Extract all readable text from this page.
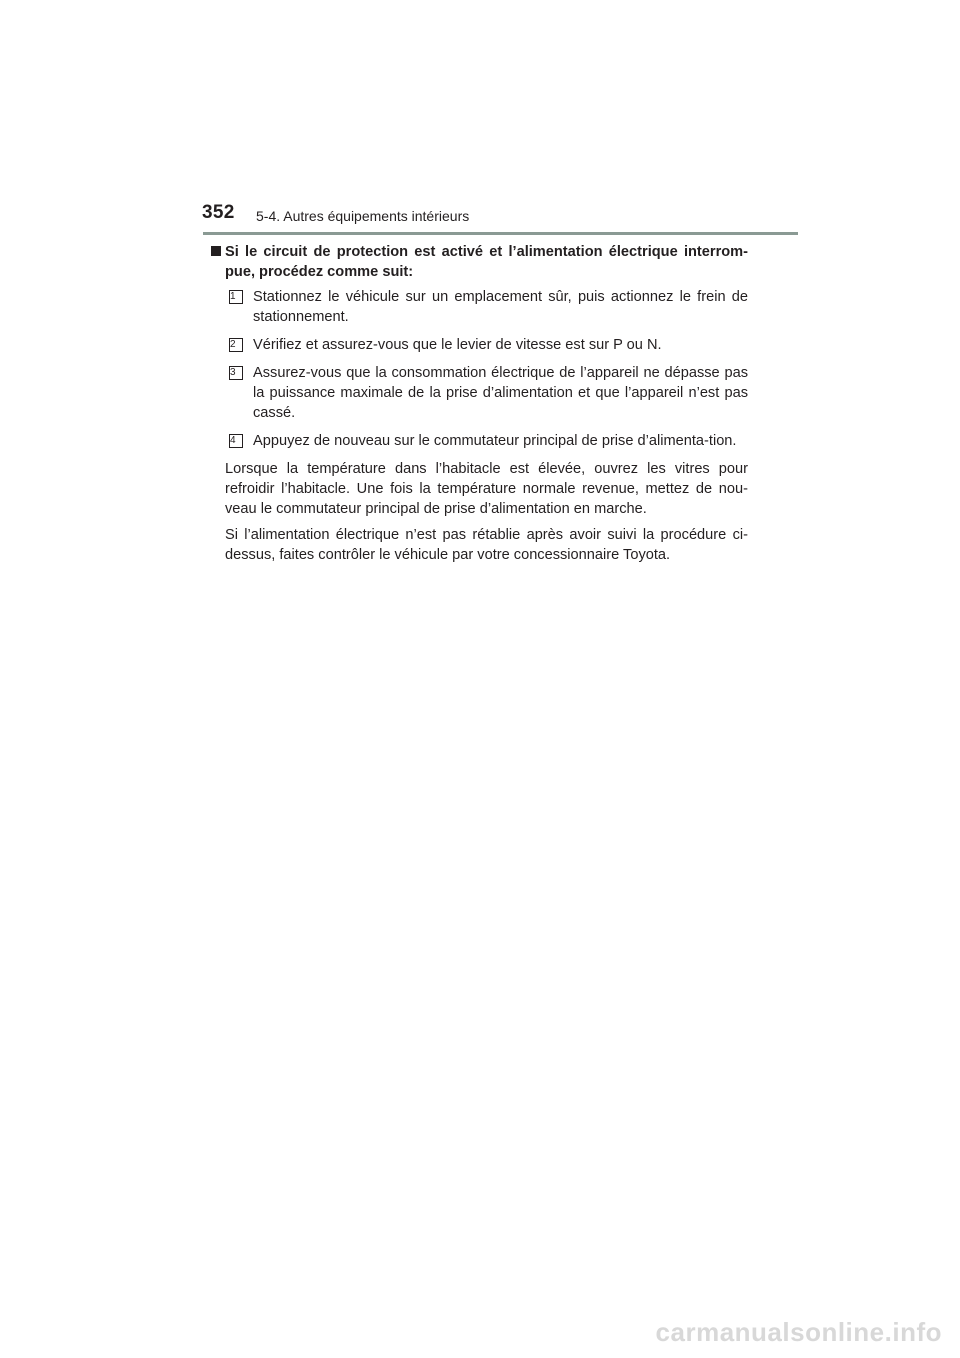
352 5-4. Autres équipements intérieurs
Si le circuit de protection est activé et l’alimentation électrique interrom-pue, procédez comme suit:
1	Stationnez le véhicule sur un emplacement sûr, puis actionnez le frein de stationnement.
2	Vérifiez et assurez-vous que le levier de vitesse est sur P ou N.
3	Assurez-vous que la consommation électrique de l’appareil ne dépasse pas la puissance maximale de la prise d’alimentation et que l’appareil n’est pas cassé.
4	Appuyez de nouveau sur le commutateur principal de prise d’alimenta-tion.

Lorsque la température dans l’habitacle est élevée, ouvrez les vitres pour refroidir l’habitacle. Une fois la température normale revenue, mettez de nou-veau le commutateur principal de prise d’alimentation en marche.

Si l’alimentation électrique n’est pas rétablie après avoir suivi la procédure ci-dessus, faites contrôler le véhicule par votre concessionnaire Toyota.

carmanualsonline.info
